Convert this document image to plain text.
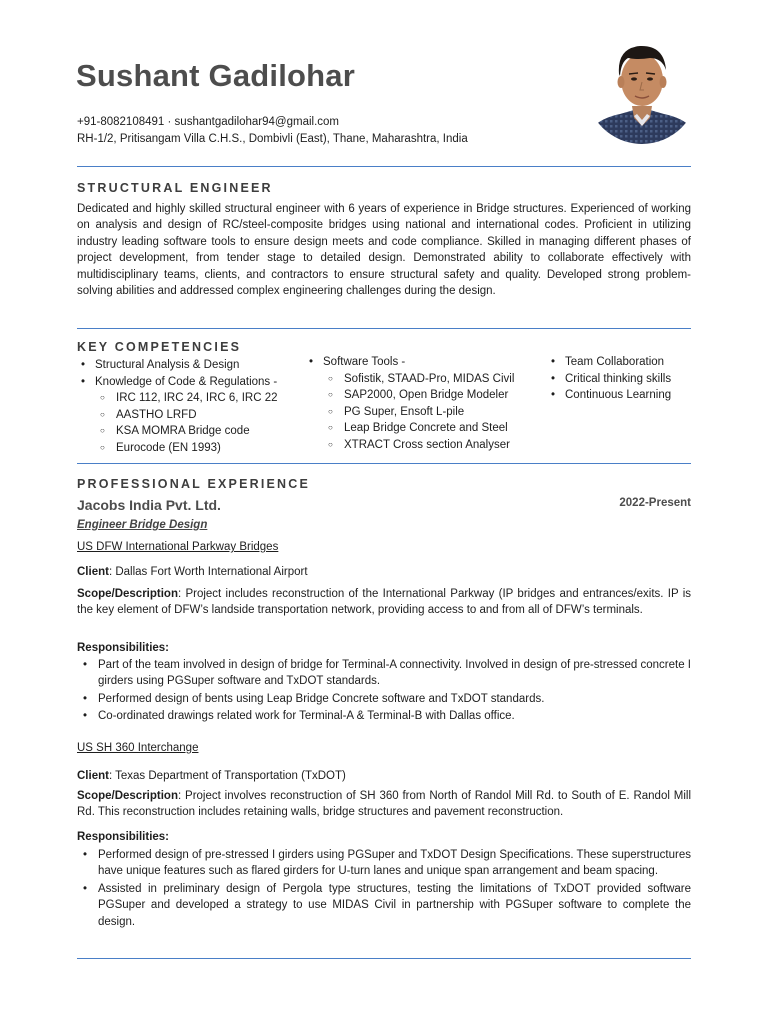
Sushant Gadilohar
+91-8082108491 · sushantgadilohar94@gmail.com
RH-1/2, Pritisangam Villa C.H.S., Dombivli (East), Thane, Maharashtra, India
STRUCTURAL ENGINEER
Dedicated and highly skilled structural engineer with 6 years of experience in Bridge structures. Experienced of working on analysis and design of RC/steel-composite bridges using national and international codes. Proficient in utilizing industry leading software tools to ensure design meets and code compliance. Skilled in managing different phases of project development, from tender stage to detailed design. Demonstrated ability to collaborate effectively with multidisciplinary teams, clients, and contractors to ensure structural safety and quality. Developed strong problem-solving abilities and addressed complex engineering challenges during the design.
KEY COMPETENCIES
• Structural Analysis & Design
• Knowledge of Code & Regulations -
○ IRC 112, IRC 24, IRC 6, IRC 22
○ AASTHO LRFD
○ KSA MOMRA Bridge code
○ Eurocode (EN 1993)
• Software Tools -
○ Sofistik, STAAD-Pro, MIDAS Civil
○ SAP2000, Open Bridge Modeler
○ PG Super, Ensoft L-pile
○ Leap Bridge Concrete and Steel
○ XTRACT Cross section Analyser
• Team Collaboration
• Critical thinking skills
• Continuous Learning
PROFESSIONAL EXPERIENCE
Jacobs India Pvt. Ltd.	2022-Present
Engineer Bridge Design
US DFW International Parkway Bridges
Client: Dallas Fort Worth International Airport
Scope/Description: Project includes reconstruction of the International Parkway (IP bridges and entrances/exits. IP is the key element of DFW’s landside transportation network, providing access to and from all of DFW’s terminals.
Responsibilities:
• Part of the team involved in design of bridge for Terminal-A connectivity. Involved in design of pre-stressed concrete I girders using PGSuper software and TxDOT standards.
• Performed design of bents using Leap Bridge Concrete software and TxDOT standards.
• Co-ordinated drawings related work for Terminal-A & Terminal-B with Dallas office.
US SH 360 Interchange
Client: Texas Department of Transportation (TxDOT)
Scope/Description: Project involves reconstruction of SH 360 from North of Randol Mill Rd. to South of E. Randol Mill Rd. This reconstruction includes retaining walls, bridge structures and pavement reconstruction.
Responsibilities:
• Performed design of pre-stressed I girders using PGSuper and TxDOT Design Specifications. These superstructures have unique features such as flared girders for U-turn lanes and unique span arrangement and beam spacing.
• Assisted in preliminary design of Pergola type structures, testing the limitations of TxDOT provided software PGSuper and developed a strategy to use MIDAS Civil in partnership with PGSuper software to complete the design.
